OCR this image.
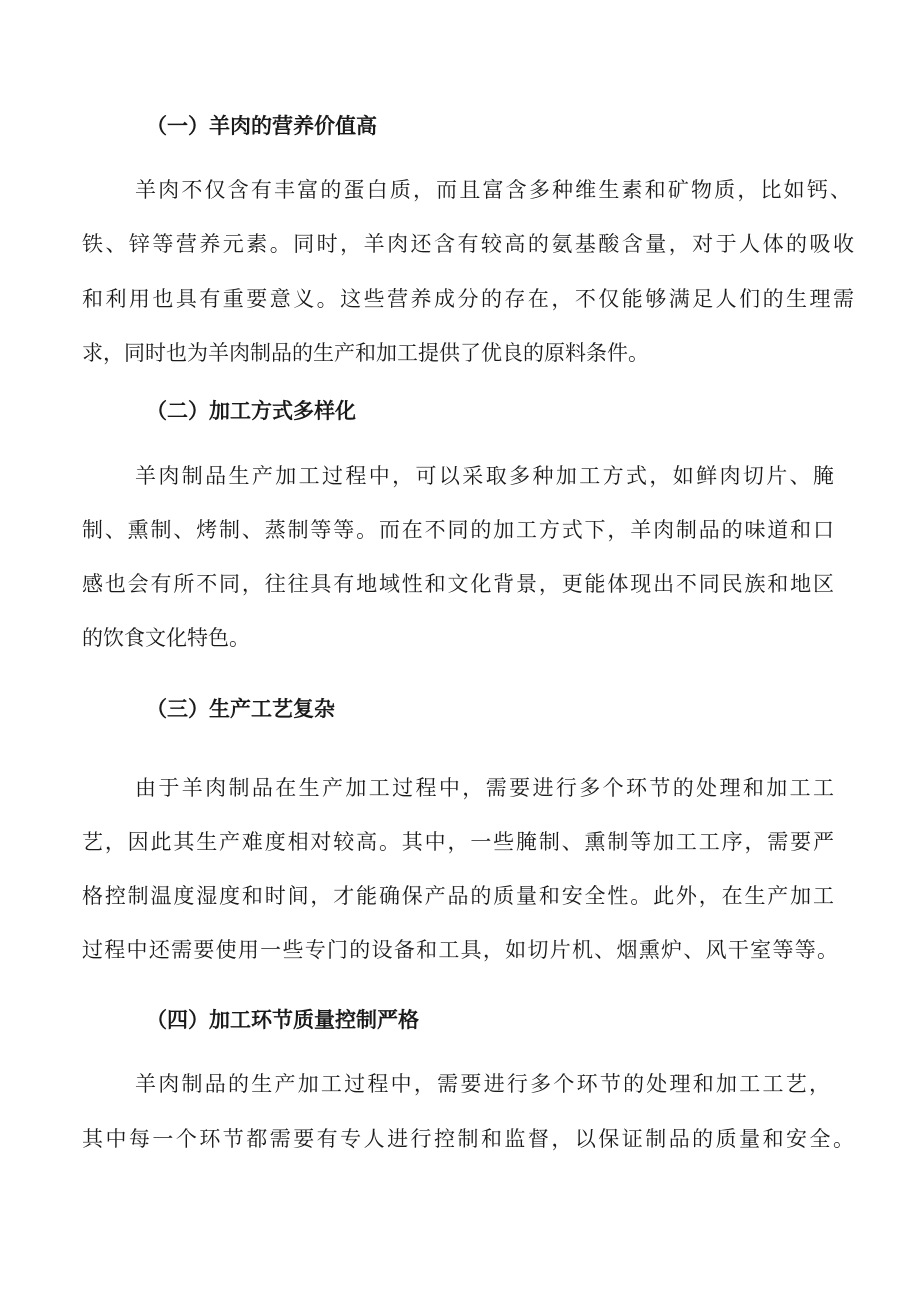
（一）羊肉的营养价值高

羊肉不仅含有丰富的蛋白质，而且富含多种维生素和矿物质，比如钙、

铁、锌等营养元素。同时，羊肉还含有较高的氨基酸含量，对于人体的吸收

和利用也具有重要意义。这些营养成分的存在，不仅能够满足人们的生理需

求，同时也为羊肉制品的生产和加工提供了优良的原料条件。

（二）加工方式多样化

羊肉制品生产加工过程中，可以采取多种加工方式，如鲜肉切片、腌

制、熏制、烤制、蒸制等等。而在不同的加工方式下，羊肉制品的味道和口

感也会有所不同，往往具有地域性和文化背景，更能体现出不同民族和地区

的饮食文化特色。

（三）生产工艺复杂

由于羊肉制品在生产加工过程中，需要进行多个环节的处理和加工工

艺，因此其生产难度相对较高。其中，一些腌制、熏制等加工工序，需要严

格控制温度湿度和时间，才能确保产品的质量和安全性。此外，在生产加工

过程中还需要使用一些专门的设备和工具，如切片机、烟熏炉、风干室等等。

（四）加工环节质量控制严格

羊肉制品的生产加工过程中，需要进行多个环节的处理和加工工艺，

其中每一个环节都需要有专人进行控制和监督，以保证制品的质量和安全。
